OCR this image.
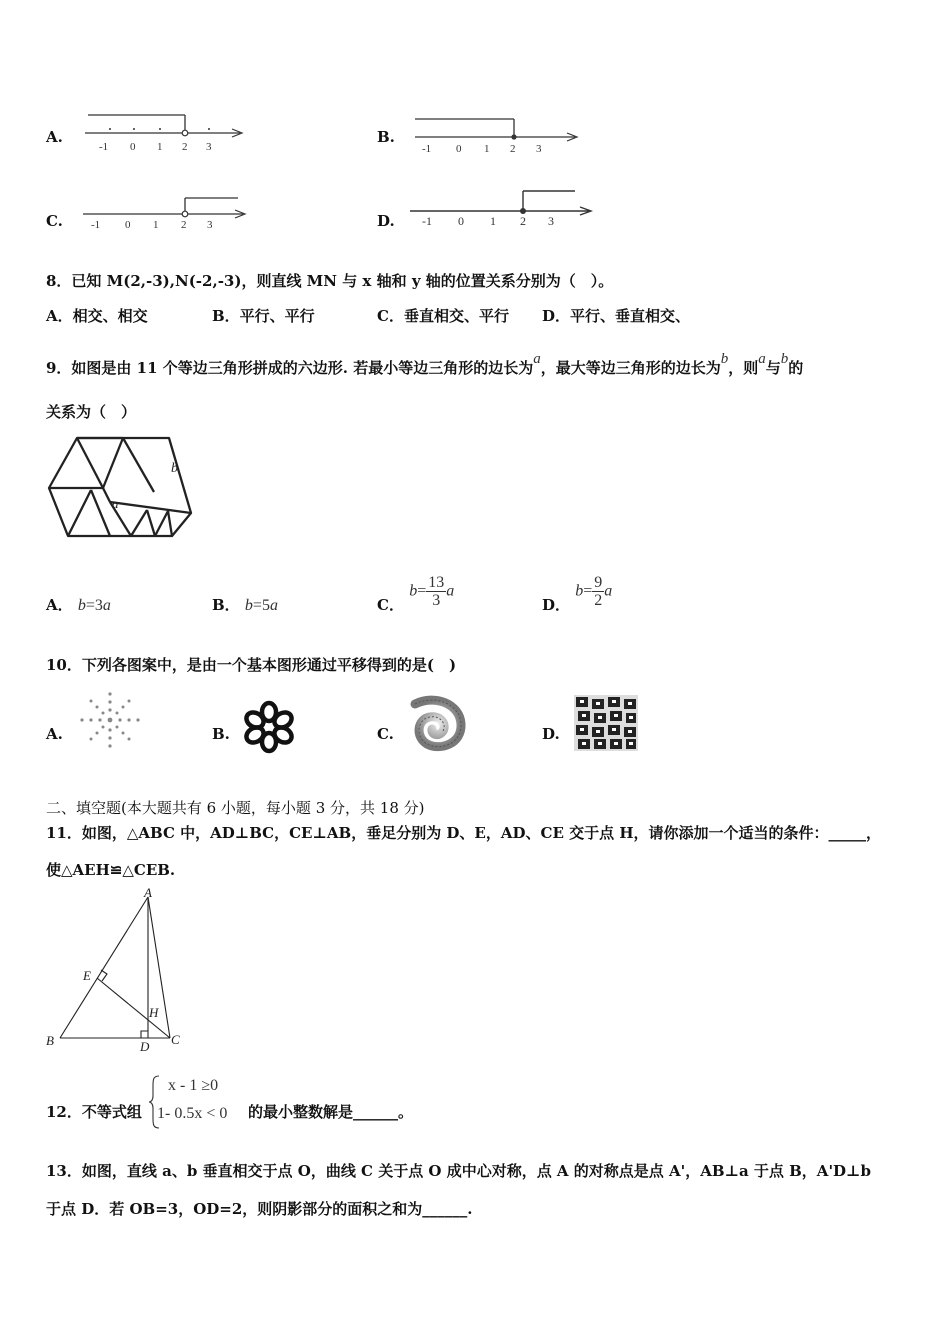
A.
-1 0 1 2 3
B.
-1 0 1 2 3
C.	-1 0 1 2 3	D. -1 0 1 2 3
8．已知 M(2,-3),N(-2,-3)，则直线 MN 与 x 轴和 y 轴的位置关系分别为（　）。
A．相交、相交	B．平行、平行	C．垂直相交、平行 D．平行、垂直相交、
9．如图是由 11 个等边三角形拼成的六边形. 若最小等边三角形的边长为$^a$，最大等边三角形的边长为$^b$，则$^a$与$^b$的
关系为（　）
b
a
A． b=3a	B． b=5a	C． $b= \frac{13}{3}$ a
D． $b= \frac{9}{2}$ a
10．下列各图案中，是由一个基本图形通过平移得到的是(　)
A.	B.	C.	D.
二、填空题(本大题共有 6 小题，每小题 3 分，共 18 分)
11．如图，△ABC 中，AD⊥BC，CE⊥AB，垂足分别为 D、E，AD、CE 交于点 H，请你添加一个适当的条件：_____，
使△AEH≌△CEB.
A
B	C
D
E
H
12．不等式组
x - 1 ≥0
1- 0.5x < 0 的最小整数解是______。
13．如图，直线 a、b 垂直相交于点 O，曲线 C 关于点 O 成中心对称，点 A 的对称点是点 A'，AB⊥a 于点 B，A'D⊥b
于点 D．若 OB=3，OD=2，则阴影部分的面积之和为______.
